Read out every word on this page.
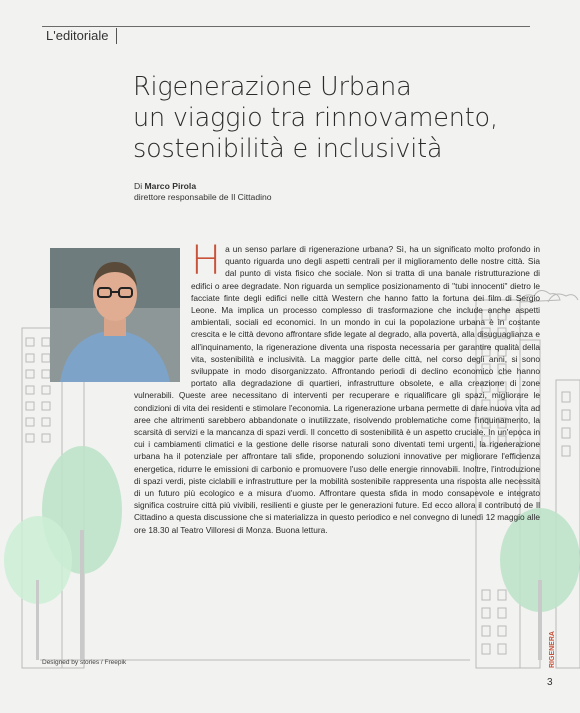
L'editoriale
Rigenerazione Urbana
un viaggio tra rinnovamento,
sostenibilità e inclusività
Di Marco Pirola
direttore responsabile de Il Cittadino
Ha un senso parlare di rigenerazione urbana? Sì, ha un significato molto profondo in quanto riguarda uno degli aspetti centrali per il miglioramento delle nostre città. Sia dal punto di vista fisico che sociale. Non si tratta di una banale ristrutturazione di edifici o aree degradate. Non riguarda un semplice posizionamento di "tubi innocenti" dietro le facciate finte degli edifici nelle città Western che hanno fatto la fortuna dei film di Sergio Leone. Ma implica un processo complesso di trasformazione che include anche aspetti ambientali, sociali ed economici. In un mondo in cui la popolazione urbana è in costante crescita e le città devono affrontare sfide legate al degrado, alla povertà, alla disuguaglianza e all'inquinamento, la rigenerazione diventa una risposta necessaria per garantire qualità della vita, sostenibilità e inclusività. La maggior parte delle città, nel corso degli anni, si sono sviluppate in modo disorganizzato. Affrontando periodi di declino economico che hanno portato alla degradazione di quartieri, infrastrutture obsolete, e alla creazione di zone vulnerabili. Queste aree necessitano di interventi per recuperare e riqualificare gli spazi, migliorare le condizioni di vita dei residenti e stimolare l'economia. La rigenerazione urbana permette di dare nuova vita ad aree che altrimenti sarebbero abbandonate o inutilizzate, risolvendo problematiche come l'inquinamento, la scarsità di servizi e la mancanza di spazi verdi. Il concetto di sostenibilità è un aspetto cruciale. In un'epoca in cui i cambiamenti climatici e la gestione delle risorse naturali sono diventati temi urgenti, la rigenerazione urbana ha il potenziale per affrontare tali sfide, proponendo soluzioni innovative per migliorare l'efficienza energetica, ridurre le emissioni di carbonio e promuovere l'uso delle energie rinnovabili. Inoltre, l'introduzione di spazi verdi, piste ciclabili e infrastrutture per la mobilità sostenibile rappresenta una risposta alle necessità di un futuro più ecologico e a misura d'uomo. Affrontare questa sfida in modo consapevole e integrato significa costruire città più vivibili, resilienti e giuste per le generazioni future. Ed ecco allora il contributo de Il Cittadino a questa discussione che si materializza in questo periodico e nel convegno di lunedì 12 maggio alle ore 18.30 al Teatro Villoresi di Monza. Buona lettura.
Designed by stories / Freepik	RIGENERA
3
